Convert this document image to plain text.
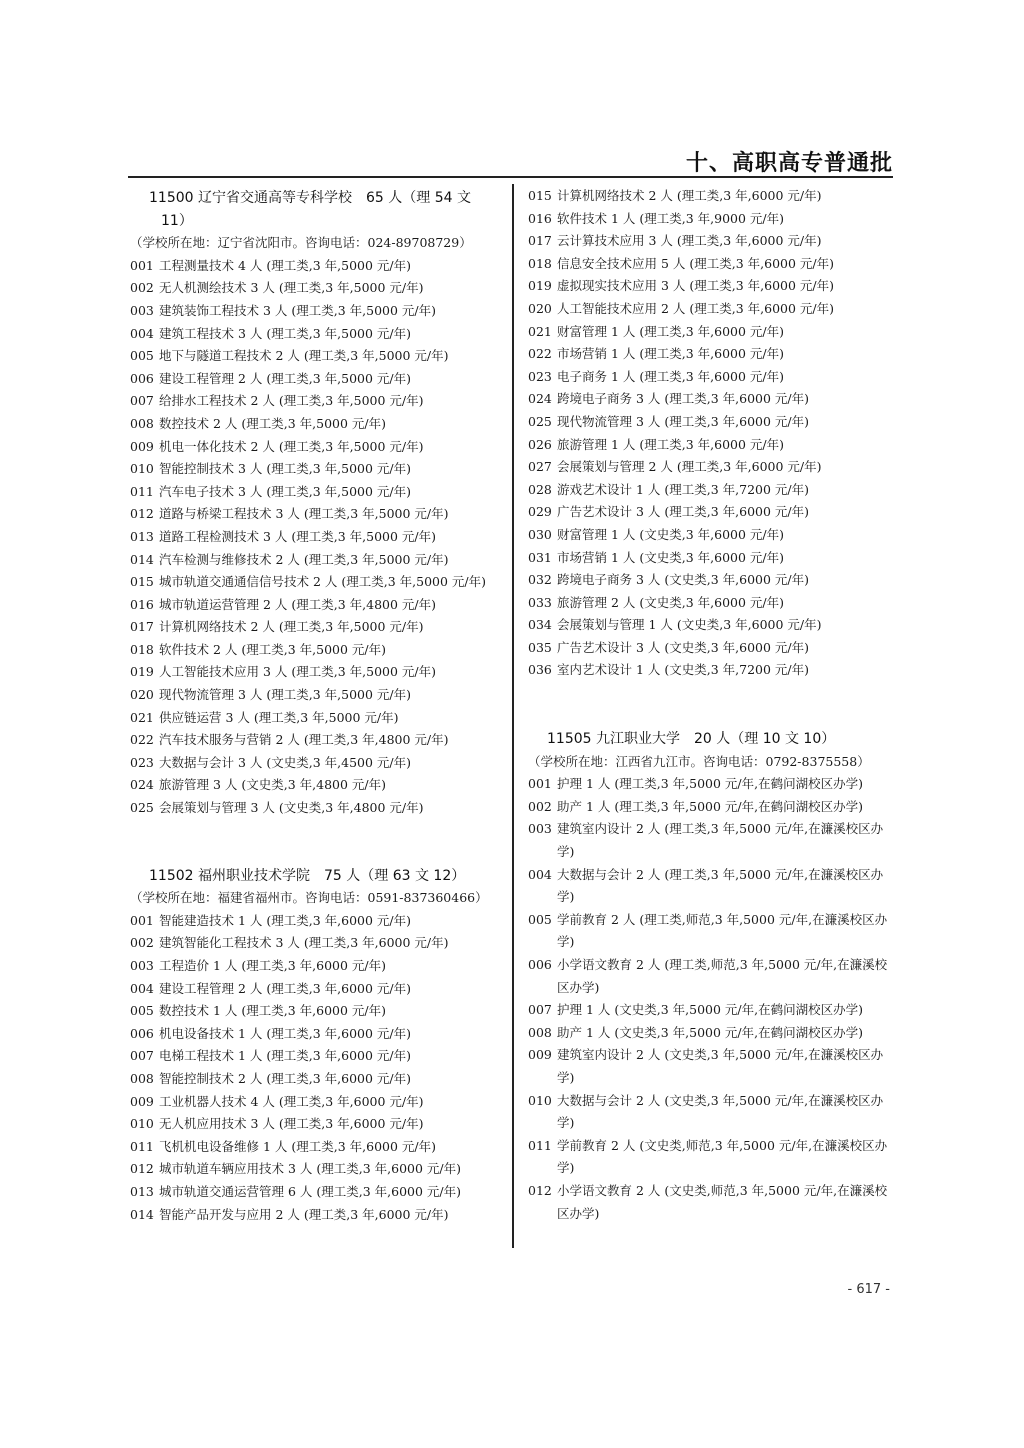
十、高职高专普通批
11500 辽宁省交通高等专科学校　65 人（理 54 文
11）
（学校所在地：辽宁省沈阳市。咨询电话：024-89708729）
001 工程测量技术 4 人 (理工类,3 年,5000 元/年)
002 无人机测绘技术 3 人 (理工类,3 年,5000 元/年)
003 建筑装饰工程技术 3 人 (理工类,3 年,5000 元/年)
004 建筑工程技术 3 人 (理工类,3 年,5000 元/年)
005 地下与隧道工程技术 2 人 (理工类,3 年,5000 元/年)
006 建设工程管理 2 人 (理工类,3 年,5000 元/年)
007 给排水工程技术 2 人 (理工类,3 年,5000 元/年)
008 数控技术 2 人 (理工类,3 年,5000 元/年)
009 机电一体化技术 2 人 (理工类,3 年,5000 元/年)
010 智能控制技术 3 人 (理工类,3 年,5000 元/年)
011 汽车电子技术 3 人 (理工类,3 年,5000 元/年)
012 道路与桥梁工程技术 3 人 (理工类,3 年,5000 元/年)
013 道路工程检测技术 3 人 (理工类,3 年,5000 元/年)
014 汽车检测与维修技术 2 人 (理工类,3 年,5000 元/年)
015 城市轨道交通通信信号技术 2 人 (理工类,3 年,5000 元/年)
016 城市轨道运营管理 2 人 (理工类,3 年,4800 元/年)
017 计算机网络技术 2 人 (理工类,3 年,5000 元/年)
018 软件技术 2 人 (理工类,3 年,5000 元/年)
019 人工智能技术应用 3 人 (理工类,3 年,5000 元/年)
020 现代物流管理 3 人 (理工类,3 年,5000 元/年)
021 供应链运营 3 人 (理工类,3 年,5000 元/年)
022 汽车技术服务与营销 2 人 (理工类,3 年,4800 元/年)
023 大数据与会计 3 人 (文史类,3 年,4500 元/年)
024 旅游管理 3 人 (文史类,3 年,4800 元/年)
025 会展策划与管理 3 人 (文史类,3 年,4800 元/年)
11502 福州职业技术学院　75 人（理 63 文 12）
（学校所在地：福建省福州市。咨询电话：0591-837360466）
001 智能建造技术 1 人 (理工类,3 年,6000 元/年)
002 建筑智能化工程技术 3 人 (理工类,3 年,6000 元/年)
003 工程造价 1 人 (理工类,3 年,6000 元/年)
004 建设工程管理 2 人 (理工类,3 年,6000 元/年)
005 数控技术 1 人 (理工类,3 年,6000 元/年)
006 机电设备技术 1 人 (理工类,3 年,6000 元/年)
007 电梯工程技术 1 人 (理工类,3 年,6000 元/年)
008 智能控制技术 2 人 (理工类,3 年,6000 元/年)
009 工业机器人技术 4 人 (理工类,3 年,6000 元/年)
010 无人机应用技术 3 人 (理工类,3 年,6000 元/年)
011 飞机机电设备维修 1 人 (理工类,3 年,6000 元/年)
012 城市轨道车辆应用技术 3 人 (理工类,3 年,6000 元/年)
013 城市轨道交通运营管理 6 人 (理工类,3 年,6000 元/年)
014 智能产品开发与应用 2 人 (理工类,3 年,6000 元/年)
015 计算机网络技术 2 人 (理工类,3 年,6000 元/年)
016 软件技术 1 人 (理工类,3 年,9000 元/年)
017 云计算技术应用 3 人 (理工类,3 年,6000 元/年)
018 信息安全技术应用 5 人 (理工类,3 年,6000 元/年)
019 虚拟现实技术应用 3 人 (理工类,3 年,6000 元/年)
020 人工智能技术应用 2 人 (理工类,3 年,6000 元/年)
021 财富管理 1 人 (理工类,3 年,6000 元/年)
022 市场营销 1 人 (理工类,3 年,6000 元/年)
023 电子商务 1 人 (理工类,3 年,6000 元/年)
024 跨境电子商务 3 人 (理工类,3 年,6000 元/年)
025 现代物流管理 3 人 (理工类,3 年,6000 元/年)
026 旅游管理 1 人 (理工类,3 年,6000 元/年)
027 会展策划与管理 2 人 (理工类,3 年,6000 元/年)
028 游戏艺术设计 1 人 (理工类,3 年,7200 元/年)
029 广告艺术设计 3 人 (理工类,3 年,6000 元/年)
030 财富管理 1 人 (文史类,3 年,6000 元/年)
031 市场营销 1 人 (文史类,3 年,6000 元/年)
032 跨境电子商务 3 人 (文史类,3 年,6000 元/年)
033 旅游管理 2 人 (文史类,3 年,6000 元/年)
034 会展策划与管理 1 人 (文史类,3 年,6000 元/年)
035 广告艺术设计 3 人 (文史类,3 年,6000 元/年)
036 室内艺术设计 1 人 (文史类,3 年,7200 元/年)
11505 九江职业大学　20 人（理 10 文 10）
（学校所在地：江西省九江市。咨询电话：0792-8375558）
001 护理 1 人 (理工类,3 年,5000 元/年,在鹤问湖校区办学)
002 助产 1 人 (理工类,3 年,5000 元/年,在鹤问湖校区办学)
003 建筑室内设计 2 人 (理工类,3 年,5000 元/年,在濂溪校区办学)
004 大数据与会计 2 人 (理工类,3 年,5000 元/年,在濂溪校区办学)
005 学前教育 2 人 (理工类,师范,3 年,5000 元/年,在濂溪校区办学)
006 小学语文教育 2 人 (理工类,师范,3 年,5000 元/年,在濂溪校区办学)
007 护理 1 人 (文史类,3 年,5000 元/年,在鹤问湖校区办学)
008 助产 1 人 (文史类,3 年,5000 元/年,在鹤问湖校区办学)
009 建筑室内设计 2 人 (文史类,3 年,5000 元/年,在濂溪校区办学)
010 大数据与会计 2 人 (文史类,3 年,5000 元/年,在濂溪校区办学)
011 学前教育 2 人 (文史类,师范,3 年,5000 元/年,在濂溪校区办学)
012 小学语文教育 2 人 (文史类,师范,3 年,5000 元/年,在濂溪校区办学)
- 617 -
